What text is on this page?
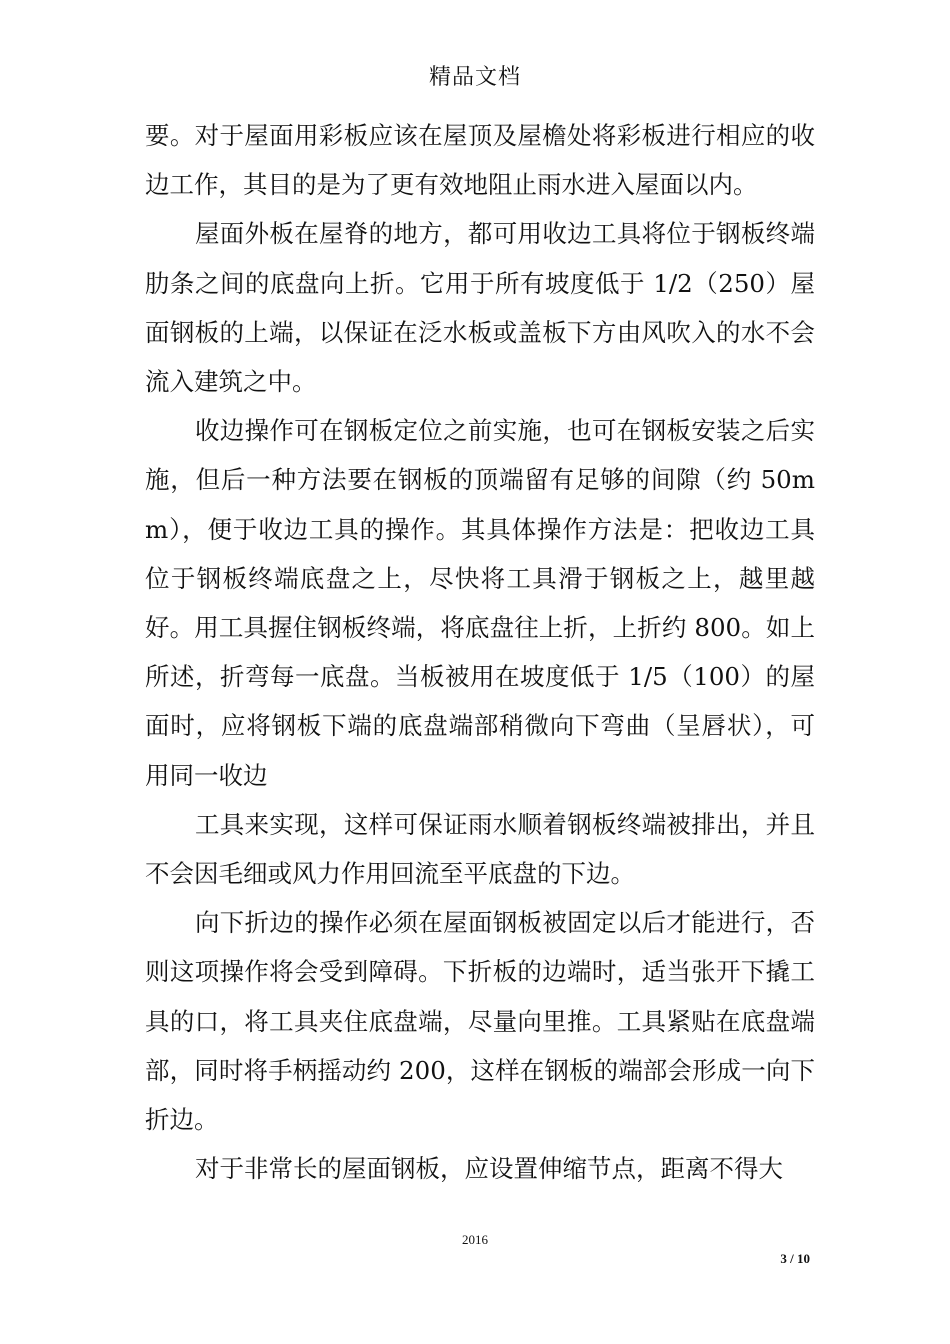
精品文档

要。对于屋面用彩板应该在屋顶及屋檐处将彩板进行相应的收边工作，其目的是为了更有效地阻止雨水进入屋面以内。

屋面外板在屋脊的地方，都可用收边工具将位于钢板终端肋条之间的底盘向上折。它用于所有坡度低于 1/2（250）屋面钢板的上端，以保证在泛水板或盖板下方由风吹入的水不会流入建筑之中。

收边操作可在钢板定位之前实施，也可在钢板安装之后实施，但后一种方法要在钢板的顶端留有足够的间隙（约 50mm），便于收边工具的操作。其具体操作方法是：把收边工具位于钢板终端底盘之上，尽快将工具滑于钢板之上，越里越好。用工具握住钢板终端，将底盘往上折，上折约 800。如上所述，折弯每一底盘。当板被用在坡度低于 1/5（100）的屋面时，应将钢板下端的底盘端部稍微向下弯曲（呈唇状），可用同一收边

工具来实现，这样可保证雨水顺着钢板终端被排出，并且不会因毛细或风力作用回流至平底盘的下边。

向下折边的操作必须在屋面钢板被固定以后才能进行，否则这项操作将会受到障碍。下折板的边端时，适当张开下撬工具的口，将工具夹住底盘端，尽量向里推。工具紧贴在底盘端部，同时将手柄摇动约 200，这样在钢板的端部会形成一向下折边。

对于非常长的屋面钢板，应设置伸缩节点，距离不得大

2016
3 / 10
